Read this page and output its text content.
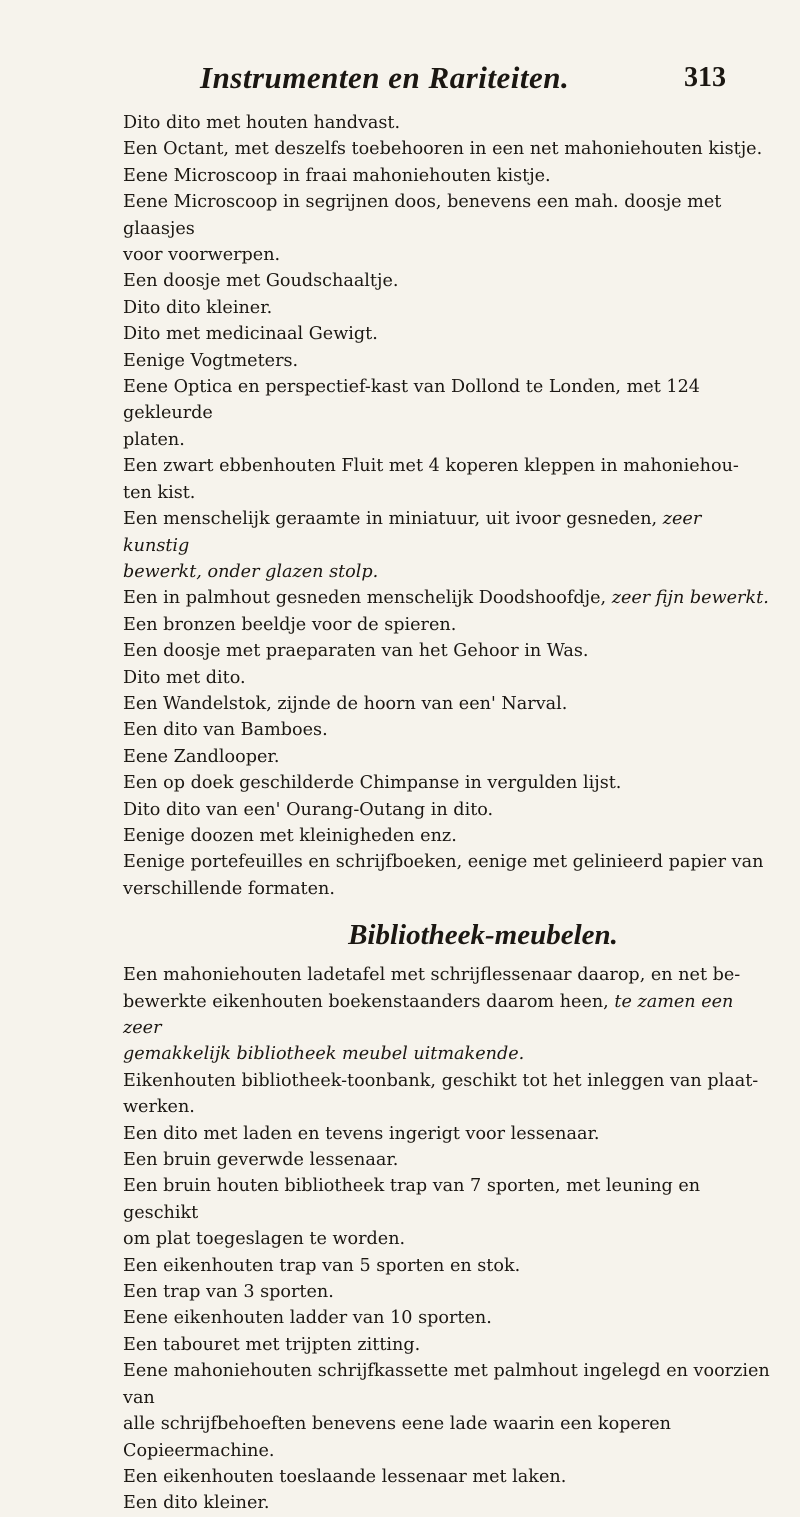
Instrumenten en Rariteiten.	313

Dito dito met houten handvast.

Een Octant, met deszelfs toebehooren in een net mahoniehouten kistje.

Eene Microscoop in fraai mahoniehouten kistje.

Eene Microscoop in segrijnen doos, benevens een mah. doosje met glaasjes
voor voorwerpen.

Een doosje met Goudschaaltje.

Dito dito kleiner.

Dito met medicinaal Gewigt.

Eenige Vogtmeters.

Eene Optica en perspectief-kast van Dollond te Londen, met 124 gekleurde
platen.

Een zwart ebbenhouten Fluit met 4 koperen kleppen in mahoniehou-
ten kist.

Een menschelijk geraamte in miniatuur, uit ivoor gesneden, zeer kunstig
bewerkt, onder glazen stolp.

Een in palmhout gesneden menschelijk Doodshoofdje, zeer fijn bewerkt.

Een bronzen beeldje voor de spieren.

Een doosje met praeparaten van het Gehoor in Was.

Dito met dito.

Een Wandelstok, zijnde de hoorn van een' Narval.

Een dito van Bamboes.

Eene Zandlooper.

Een op doek geschilderde Chimpanse in vergulden lijst.

Dito dito van een' Ourang-Outang in dito.

Eenige doozen met kleinigheden enz.

Eenige portefeuilles en schrijfboeken, eenige met gelinieerd papier van
verschillende formaten.

Bibliotheek-meubelen.

Een mahoniehouten ladetafel met schrijflessenaar daarop, en net be-
bewerkte eikenhouten boekenstaanders daarom heen, te zamen een zeer
gemakkelijk bibliotheek meubel uitmakende.

Eikenhouten bibliotheek-toonbank, geschikt tot het inleggen van plaat-
werken.

Een dito met laden en tevens ingerigt voor lessenaar.

Een bruin geverwde lessenaar.

Een bruin houten bibliotheek trap van 7 sporten, met leuning en geschikt
om plat toegeslagen te worden.

Een eikenhouten trap van 5 sporten en stok.

Een trap van 3 sporten.

Eene eikenhouten ladder van 10 sporten.

Een tabouret met trijpten zitting.

Eene mahoniehouten schrijfkassette met palmhout ingelegd en voorzien van
alle schrijfbehoeften benevens eene lade waarin een koperen Copieermachine.

Een eikenhouten toeslaande lessenaar met laken.

Een dito kleiner.
